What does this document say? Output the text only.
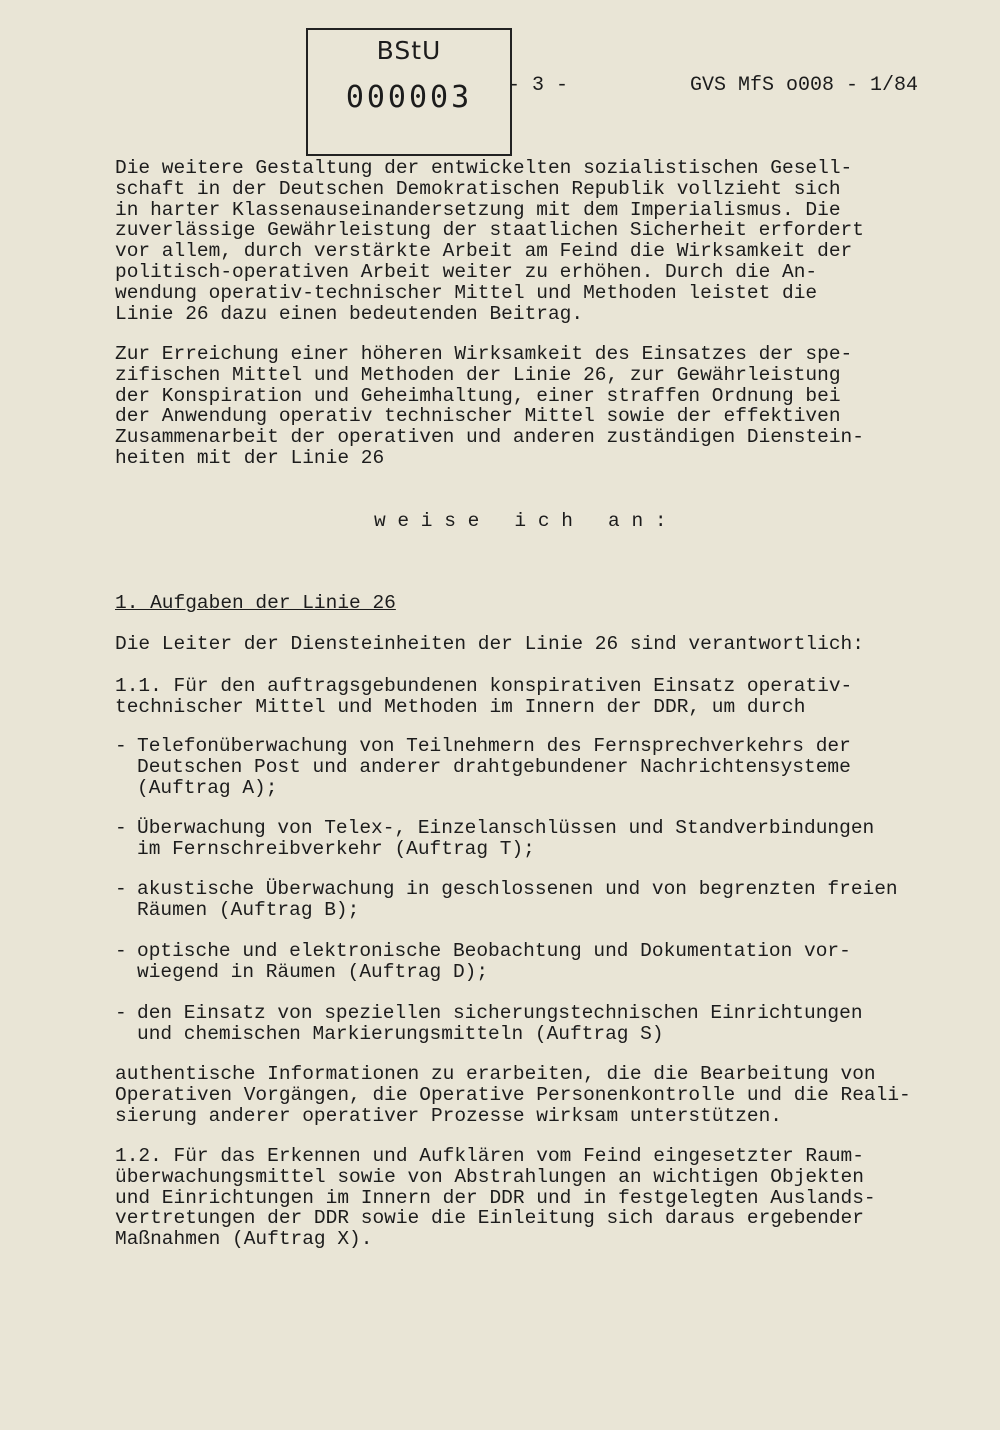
BStU
000003	- 3 -	GVS MfS o008 - 1/84
Die weitere Gestaltung der entwickelten sozialistischen Gesell-
schaft in der Deutschen Demokratischen Republik vollzieht sich
in harter Klassenauseinandersetzung mit dem Imperialismus. Die
zuverlässige Gewährleistung der staatlichen Sicherheit erfordert
vor allem, durch verstärkte Arbeit am Feind die Wirksamkeit der
politisch-operativen Arbeit weiter zu erhöhen. Durch die An-
wendung operativ-technischer Mittel und Methoden leistet die
Linie 26 dazu einen bedeutenden Beitrag.
Zur Erreichung einer höheren Wirksamkeit des Einsatzes der spe-
zifischen Mittel und Methoden der Linie 26, zur Gewährleistung
der Konspiration und Geheimhaltung, einer straffen Ordnung bei
der Anwendung operativ technischer Mittel sowie der effektiven
Zusammenarbeit der operativen und anderen zuständigen Dienstein-
heiten mit der Linie 26
w e i s e   i c h   a n :
1. Aufgaben der Linie 26
Die Leiter der Diensteinheiten der Linie 26 sind verantwortlich:
1.1. Für den auftragsgebundenen konspirativen Einsatz operativ-
technischer Mittel und Methoden im Innern der DDR, um durch
- Telefonüberwachung von Teilnehmern des Fernsprechverkehrs der
Deutschen Post und anderer drahtgebundener Nachrichtensysteme
(Auftrag A);
- Überwachung von Telex-, Einzelanschlüssen und Standverbindungen
im Fernschreibverkehr (Auftrag T);
- akustische Überwachung in geschlossenen und von begrenzten freien
Räumen (Auftrag B);
- optische und elektronische Beobachtung und Dokumentation vor-
wiegend in Räumen (Auftrag D);
- den Einsatz von speziellen sicherungstechnischen Einrichtungen
und chemischen Markierungsmitteln (Auftrag S)
authentische Informationen zu erarbeiten, die die Bearbeitung von
Operativen Vorgängen, die Operative Personenkontrolle und die Reali-
sierung anderer operativer Prozesse wirksam unterstützen.
1.2. Für das Erkennen und Aufklären vom Feind eingesetzter Raum-
überwachungsmittel sowie von Abstrahlungen an wichtigen Objekten
und Einrichtungen im Innern der DDR und in festgelegten Auslands-
vertretungen der DDR sowie die Einleitung sich daraus ergebender
Maßnahmen (Auftrag X).
